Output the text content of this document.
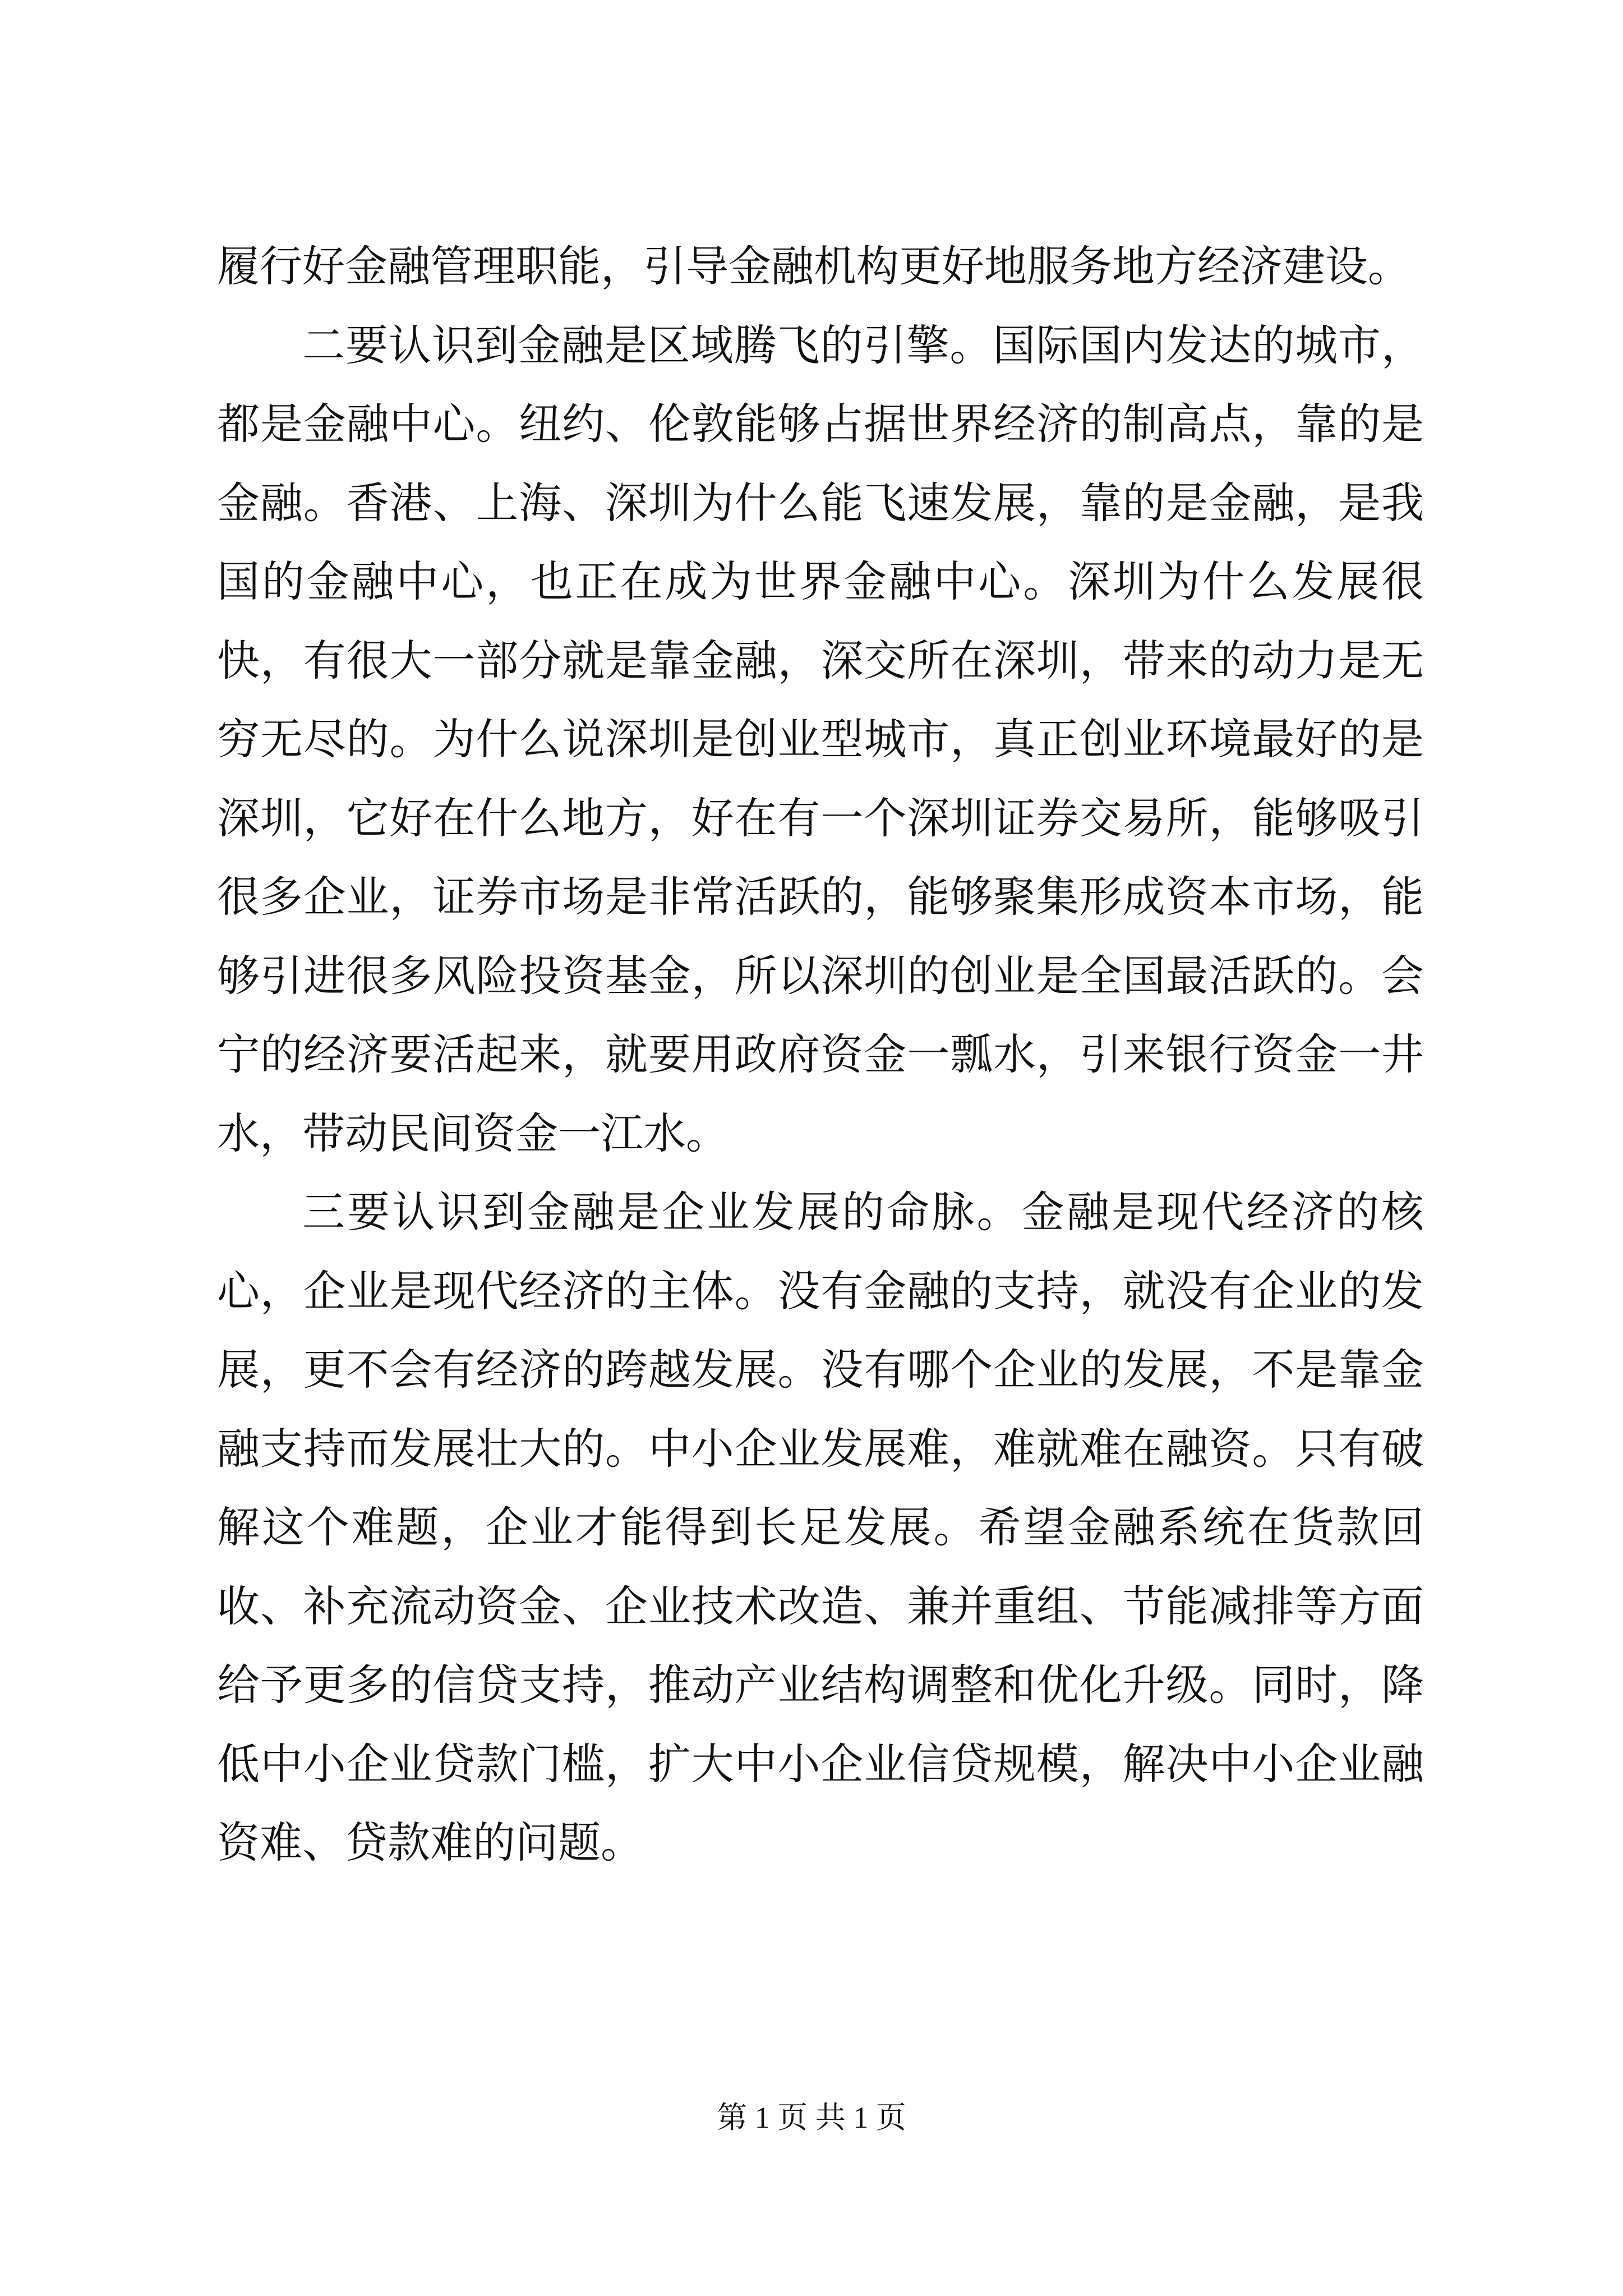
履行好金融管理职能，引导金融机构更好地服务地方经济建设。

二要认识到金融是区域腾飞的引擎。国际国内发达的城市，都是金融中心。纽约、伦敦能够占据世界经济的制高点，靠的是金融。香港、上海、深圳为什么能飞速发展，靠的是金融，是我国的金融中心，也正在成为世界金融中心。深圳为什么发展很快，有很大一部分就是靠金融，深交所在深圳，带来的动力是无穷无尽的。为什么说深圳是创业型城市，真正创业环境最好的是深圳，它好在什么地方，好在有一个深圳证券交易所，能够吸引很多企业，证券市场是非常活跃的，能够聚集形成资本市场，能够引进很多风险投资基金，所以深圳的创业是全国最活跃的。会宁的经济要活起来，就要用政府资金一瓢水，引来银行资金一井水，带动民间资金一江水。

三要认识到金融是企业发展的命脉。金融是现代经济的核心，企业是现代经济的主体。没有金融的支持，就没有企业的发展，更不会有经济的跨越发展。没有哪个企业的发展，不是靠金融支持而发展壮大的。中小企业发展难，难就难在融资。只有破解这个难题，企业才能得到长足发展。希望金融系统在货款回收、补充流动资金、企业技术改造、兼并重组、节能减排等方面给予更多的信贷支持，推动产业结构调整和优化升级。同时，降低中小企业贷款门槛，扩大中小企业信贷规模，解决中小企业融资难、贷款难的问题。

第 1 页 共 1 页
